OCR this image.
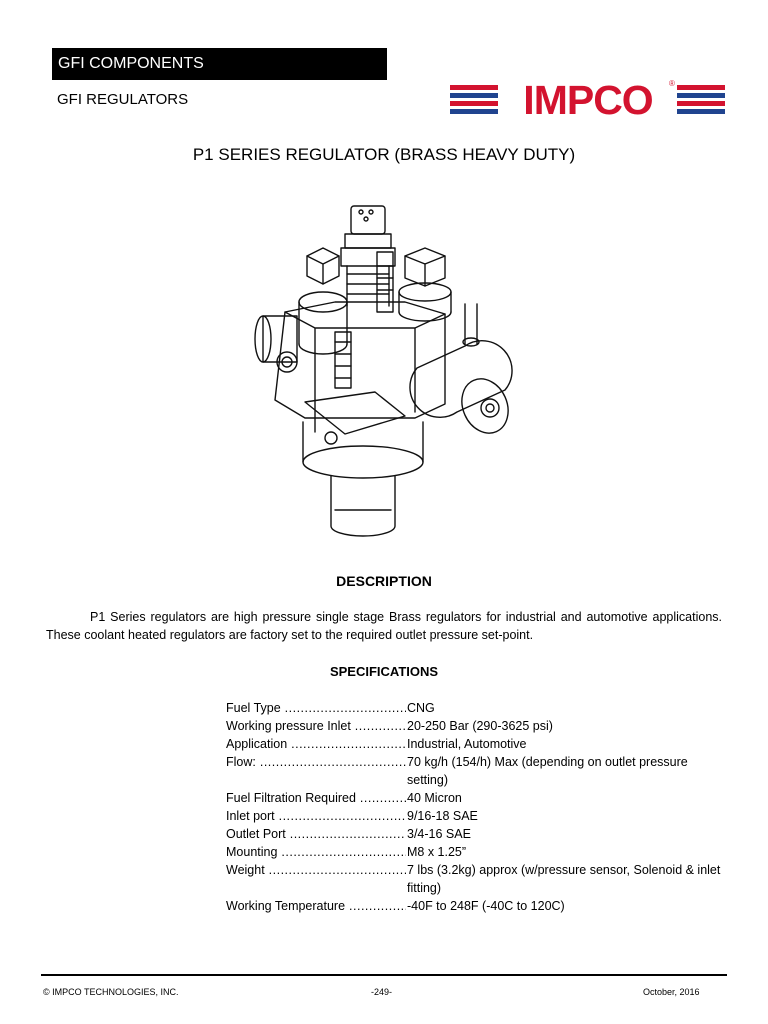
GFI COMPONENTS
GFI REGULATORS	IMPCO	®
P1 SERIES REGULATOR (BRASS HEAVY DUTY)
DESCRIPTION

P1 Series regulators are high pressure single stage Brass regulators for industrial and automotive applications. These coolant heated regulators are factory set to the required outlet pressure set-point.

SPECIFICATIONS
Fuel Type .....	CNG
Working pressure Inlet .....	20-250 Bar (290-3625 psi)
Application .....	Industrial, Automotive
Flow: .....	70 kg/h (154/h) Max (depending on outlet pressure setting)
Fuel Filtration Required .....	40 Micron
Inlet port .....	9/16-18 SAE
Outlet Port .....	3/4-16 SAE
Mounting .....	M8 x 1.25”
Weight .....	7 lbs (3.2kg) approx (w/pressure sensor, Solenoid & inlet fitting)
Working Temperature .....	-40F to 248F (-40C to 120C)
© IMPCO TECHNOLOGIES, INC.	-249-	October, 2016
